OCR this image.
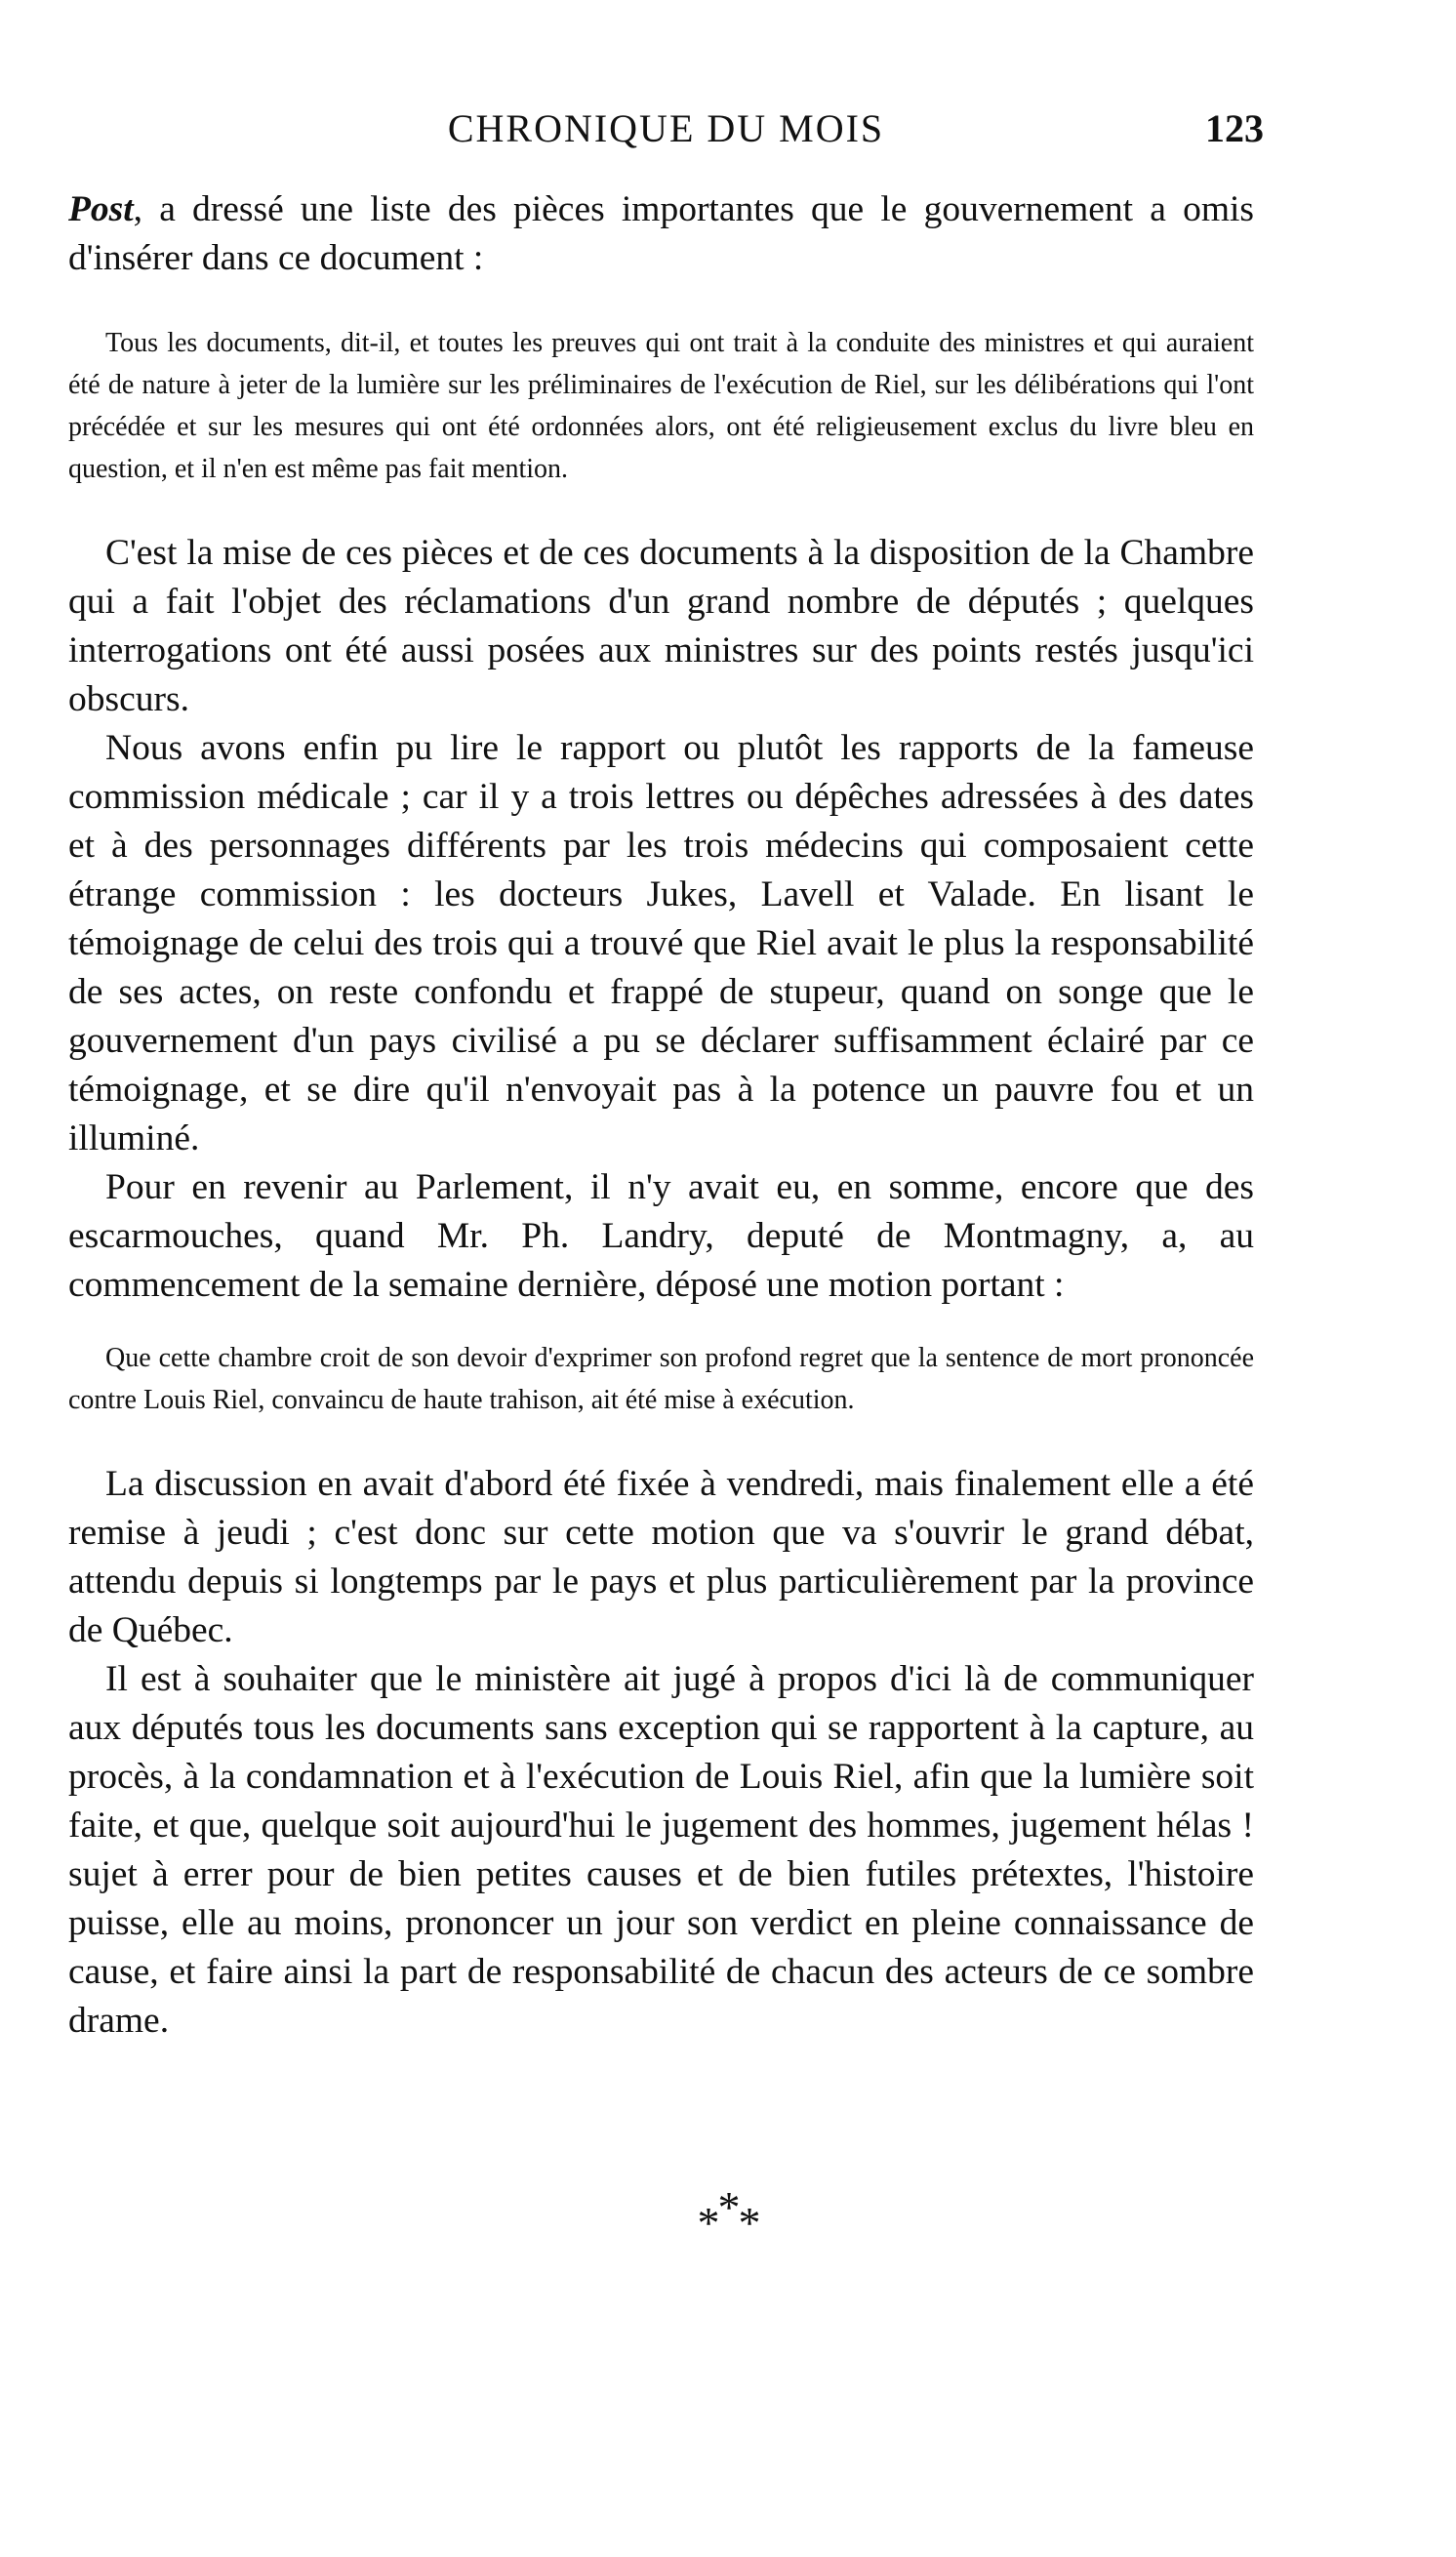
CHRONIQUE DU MOIS	123

Post, a dressé une liste des pièces importantes que le gouvernement a omis d'insérer dans ce document :

Tous les documents, dit-il, et toutes les preuves qui ont trait à la conduite des ministres et qui auraient été de nature à jeter de la lumière sur les préliminaires de l'exécution de Riel, sur les délibérations qui l'ont précédée et sur les mesures qui ont été ordonnées alors, ont été religieusement exclus du livre bleu en question, et il n'en est même pas fait mention.

C'est la mise de ces pièces et de ces documents à la disposition de la Chambre qui a fait l'objet des réclamations d'un grand nombre de députés ; quelques interrogations ont été aussi posées aux ministres sur des points restés jusqu'ici obscurs.

Nous avons enfin pu lire le rapport ou plutôt les rapports de la fameuse commission médicale ; car il y a trois lettres ou dépêches adressées à des dates et à des personnages différents par les trois médecins qui composaient cette étrange commission : les docteurs Jukes, Lavell et Valade. En lisant le témoignage de celui des trois qui a trouvé que Riel avait le plus la responsabilité de ses actes, on reste confondu et frappé de stupeur, quand on songe que le gouvernement d'un pays civilisé a pu se déclarer suffisamment éclairé par ce témoignage, et se dire qu'il n'envoyait pas à la potence un pauvre fou et un illuminé.

Pour en revenir au Parlement, il n'y avait eu, en somme, encore que des escarmouches, quand Mr. Ph. Landry, deputé de Montmagny, a, au commencement de la semaine dernière, déposé une motion portant :

Que cette chambre croit de son devoir d'exprimer son profond regret que la sentence de mort prononcée contre Louis Riel, convaincu de haute trahison, ait été mise à exécution.

La discussion en avait d'abord été fixée à vendredi, mais finalement elle a été remise à jeudi ; c'est donc sur cette motion que va s'ouvrir le grand débat, attendu depuis si longtemps par le pays et plus particulièrement par la province de Québec.

Il est à souhaiter que le ministère ait jugé à propos d'ici là de communiquer aux députés tous les documents sans exception qui se rapportent à la capture, au procès, à la condamnation et à l'exécution de Louis Riel, afin que la lumière soit faite, et que, quelque soit aujourd'hui le jugement des hommes, jugement hélas ! sujet à errer pour de bien petites causes et de bien futiles prétextes, l'histoire puisse, elle au moins, prononcer un jour son verdict en pleine connaissance de cause, et faire ainsi la part de responsabilité de chacun des acteurs de ce sombre drame.

***
